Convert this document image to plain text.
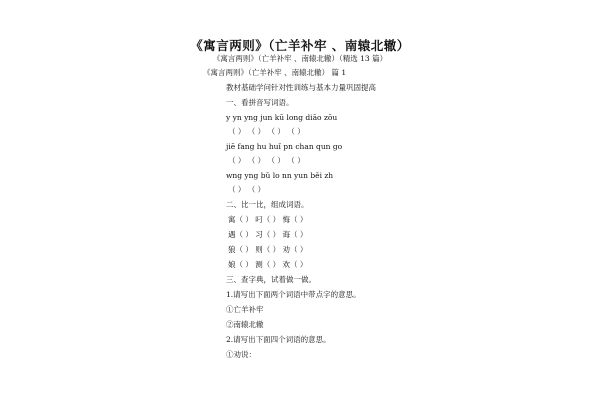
《寓言两则》（亡羊补牢 、南辕北辙）
《寓言两则》（亡羊补牢 、南辕北辙）（精选 13 篇）
《寓言两则》（亡羊补牢 、南辕北辙） 篇 1
教材基础学问针对性训练与基本力量巩固提高
一、看拼音写词语。
y yn yng jun kū long diāo zōu
（ ） （ ） （ ） （ ）
jiē fang hu huǐ pn chan qun go
（ ） （ ） （ ） （ ）
wng yng bǔ lo nn yun běi zh
（ ） （ ）
二、比一比，组成词语。
寓（ ） 叼（ ） 悔（ ）
遇（ ） 习（ ） 诲（ ）
狼（ ） 则（ ） 劝（ ）
娘（ ） 测（ ） 欢（ ）
三、查字典，试着做一做。
1.请写出下面两个词语中带点字的意思。
①亡羊补牢
②南辕北辙
2.请写出下面四个词语的意思。
①劝说：
